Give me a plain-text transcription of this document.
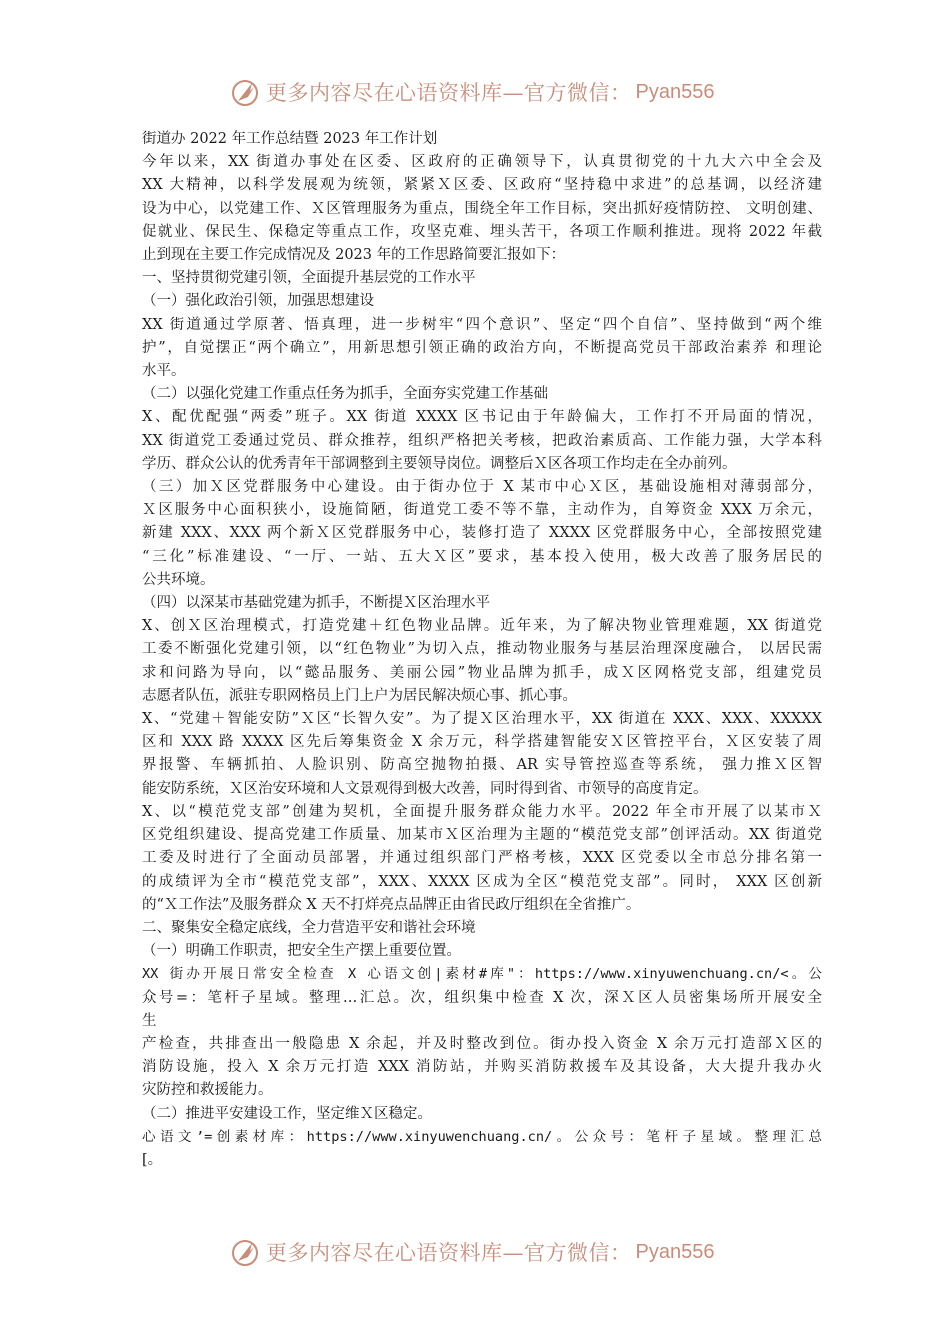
更多内容尽在心语资料库—官方微信： Pyan556
街道办 2022 年工作总结暨 2023 年工作计划
今年以来，XX 街道办事处在区委、区政府的正确领导下，认真贯彻党的十九大六中全会及
XX 大精神，以科学发展观为统领，紧紧Ｘ区委、区政府“坚持稳中求进”的总基调，以经济建
设为中心，以党建工作、Ｘ区管理服务为重点，围绕全年工作目标，突出抓好疫情防控、 文明创建、
促就业、保民生、保稳定等重点工作，攻坚克难、埋头苦干，各项工作顺利推进。现将 2022 年截
止到现在主要工作完成情况及 2023 年的工作思路简要汇报如下：
一、坚持贯彻党建引领，全面提升基层党的工作水平
（一）强化政治引领，加强思想建设
XX 街道通过学原著、悟真理，进一步树牢“四个意识”、坚定“四个自信”、坚持做到“两个维
护”，自觉摆正“两个确立”，用新思想引领正确的政治方向，不断提高党员干部政治素养 和理论
水平。
（二）以强化党建工作重点任务为抓手，全面夯实党建工作基础
X、配优配强“两委”班子。XX 街道 XXXX 区书记由于年龄偏大，工作打不开局面的情况，
XX 街道党工委通过党员、群众推荐，组织严格把关考核，把政治素质高、工作能力强，大学本科
学历、群众公认的优秀青年干部调整到主要领导岗位。调整后Ｘ区各项工作均走在全办前列。
（三）加Ｘ区党群服务中心建设。由于街办位于 X 某市中心Ｘ区，基础设施相对薄弱部分，
Ｘ区服务中心面积狭小，设施简陋，街道党工委不等不靠，主动作为，自筹资金 XXX 万余元，
新建 XXX、XXX 两个新Ｘ区党群服务中心，装修打造了 XXXX 区党群服务中心，全部按照党建
“三化”标准建设、“一厅、一站、五大Ｘ区”要求，基本投入使用，极大改善了服务居民的
公共环境。
（四）以深某市基础党建为抓手，不断提Ｘ区治理水平
X、创Ｘ区治理模式，打造党建＋红色物业品牌。近年来，为了解决物业管理难题，XX 街道党
工委不断强化党建引领，以“红色物业”为切入点，推动物业服务与基层治理深度融合， 以居民需
求和问路为导向，以“懿品服务、美丽公园”物业品牌为抓手，成Ｘ区网格党支部，组建党员
志愿者队伍，派驻专职网格员上门上户为居民解决烦心事、抓心事。
X、“党建＋智能安防”Ｘ区“长智久安”。为了提Ｘ区治理水平，XX 街道在 XXX、XXX、XXXXX
区和 XXX 路 XXXX 区先后筹集资金 X 余万元，科学搭建智能安Ｘ区管控平台，Ｘ区安装了周
界报警、车辆抓拍、人脸识别、防高空抛物拍摄、AR 实导管控巡查等系统， 强力推Ｘ区智
能安防系统，Ｘ区治安环境和人文景观得到极大改善，同时得到省、市领导的高度肯定。
X、以“模范党支部”创建为契机，全面提升服务群众能力水平。2022 年全市开展了以某市Ｘ
区党组织建设、提高党建工作质量、加某市Ｘ区治理为主题的“模范党支部”创评活动。XX 街道党
工委及时进行了全面动员部署，并通过组织部门严格考核，XXX 区党委以全市总分排名第一
的成绩评为全市“模范党支部”，XXX、XXXX 区成为全区“模范党支部”。同时， XXX 区创新
的“Ｘ工作法”及服务群众 X 天不打烊亮点品牌正由省民政厅组织在全省推广。
二、聚集安全稳定底线，全力营造平安和谐社会环境
（一）明确工作职责，把安全生产摆上重要位置。
XX 街办开展日常安全检查 X 心语文创|素材#库"：https://www.xinyuwenchuang.cn/<。公
众号=：笔杆子星域。整理…汇总。次，组织集中检查 X 次，深Ｘ区人员密集场所开展安全
生
产检查，共排查出一般隐患 X 余起，并及时整改到位。街办投入资金 X 余万元打造部Ｘ区的
消防设施，投入 X 余万元打造 XXX 消防站，并购买消防救援车及其设备，大大提升我办火
灾防控和救援能力。
（二）推进平安建设工作，坚定维Ｘ区稳定。
心语文’=创素材库：https://www.xinyuwenchuang.cn/。公众号：笔杆子星域。整理汇总
[。
更多内容尽在心语资料库—官方微信： Pyan556
